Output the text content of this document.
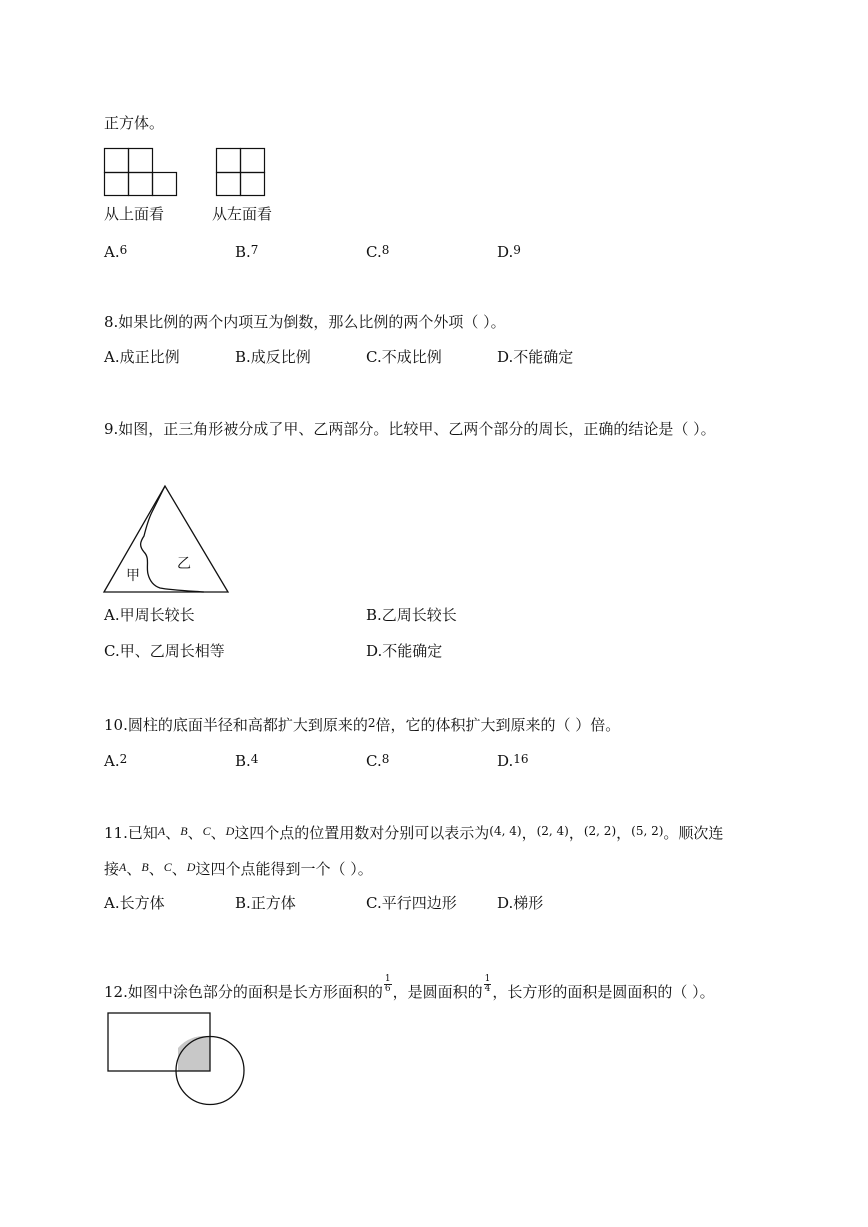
正方体。
从上面看	从左面看
A.$^6$	B.$^7$	C.$^8$	D.$^9$
8.如果比例的两个内项互为倒数，那么比例的两个外项（ ）。
A.成正比例	B.成反比例	C.不成比例	D.不能确定
9.如图，正三角形被分成了甲、乙两部分。比较甲、乙两个部分的周长，正确的结论是（ ）。
甲
乙
A.甲周长较长	B.乙周长较长
C.甲、乙周长相等	D.不能确定
10.圆柱的底面半径和高都扩大到原来的$^2$倍，它的体积扩大到原来的（ ）倍。
A.$^2$	B.$^4$	C.$^8$	D.$^{16}$
11.已知$^A$、$^B$、$^C$、$^D$这四个点的位置用数对分别可以表示为$^{(4, 4)}$，$^{(2, 4)}$，$^{(2, 2)}$，$^{(5, 2)}$。顺次连
接$^A$、$^B$、$^C$、$^D$这四个点能得到一个（ ）。
A.长方体	B.正方体	C.平行四边形	D.梯形
12.如图中涂色部分的面积是长方形面积的 $\frac{1}{6}$ ，是圆面积的 $\frac{1}{4}$ ，长方形的面积是圆面积的（ ）。
